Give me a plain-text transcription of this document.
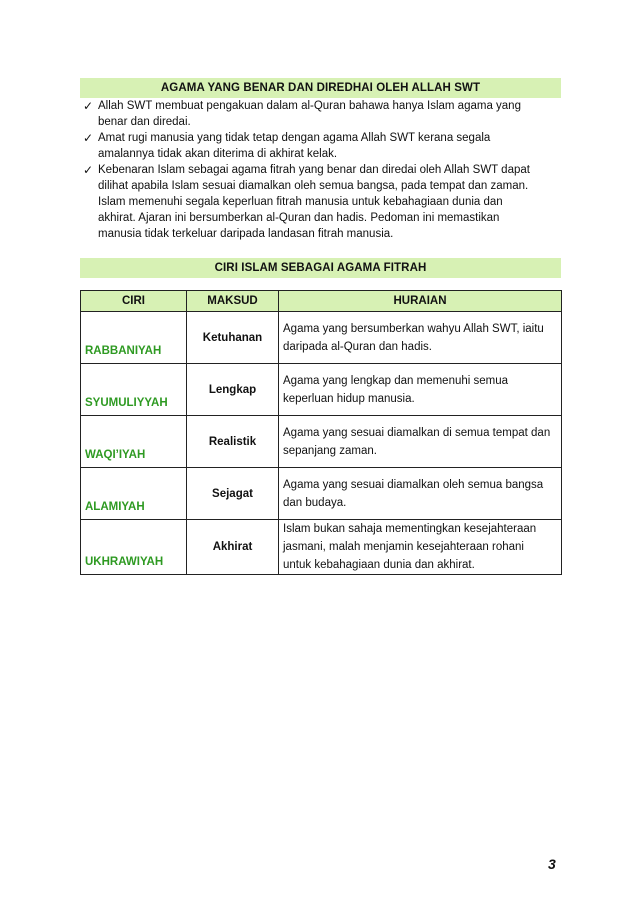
AGAMA YANG BENAR DAN DIREDHAI OLEH ALLAH SWT
✓ Allah SWT membuat pengakuan dalam al-Quran bahawa hanya Islam agama yang
benar dan diredai.
✓ Amat rugi manusia yang tidak tetap dengan agama Allah SWT kerana segala
amalannya tidak akan diterima di akhirat kelak.
✓ Kebenaran Islam sebagai agama fitrah yang benar dan diredai oleh Allah SWT dapat
dilihat apabila Islam sesuai diamalkan oleh semua bangsa, pada tempat dan zaman.
Islam memenuhi segala keperluan fitrah manusia untuk kebahagiaan dunia dan
akhirat. Ajaran ini bersumberkan al-Quran dan hadis. Pedoman ini memastikan
manusia tidak terkeluar daripada landasan fitrah manusia.
CIRI ISLAM SEBAGAI AGAMA FITRAH
CIRI	MAKSUD	HURAIAN
RABBANIYAH	Ketuhanan	Agama yang bersumberkan wahyu Allah SWT, iaitu
daripada al-Quran dan hadis.

SYUMULIYYAH	Lengkap	Agama yang lengkap dan memenuhi semua
keperluan hidup manusia.

WAQI’IYAH	Realistik	Agama yang sesuai diamalkan di semua tempat dan
sepanjang zaman.

ALAMIYAH	Sejagat	Agama yang sesuai diamalkan oleh semua bangsa
dan budaya.

UKHRAWIYAH	Akhirat	Islam bukan sahaja mementingkan kesejahteraan
jasmani, malah menjamin kesejahteraan rohani
untuk kebahagiaan dunia dan akhirat.
3
